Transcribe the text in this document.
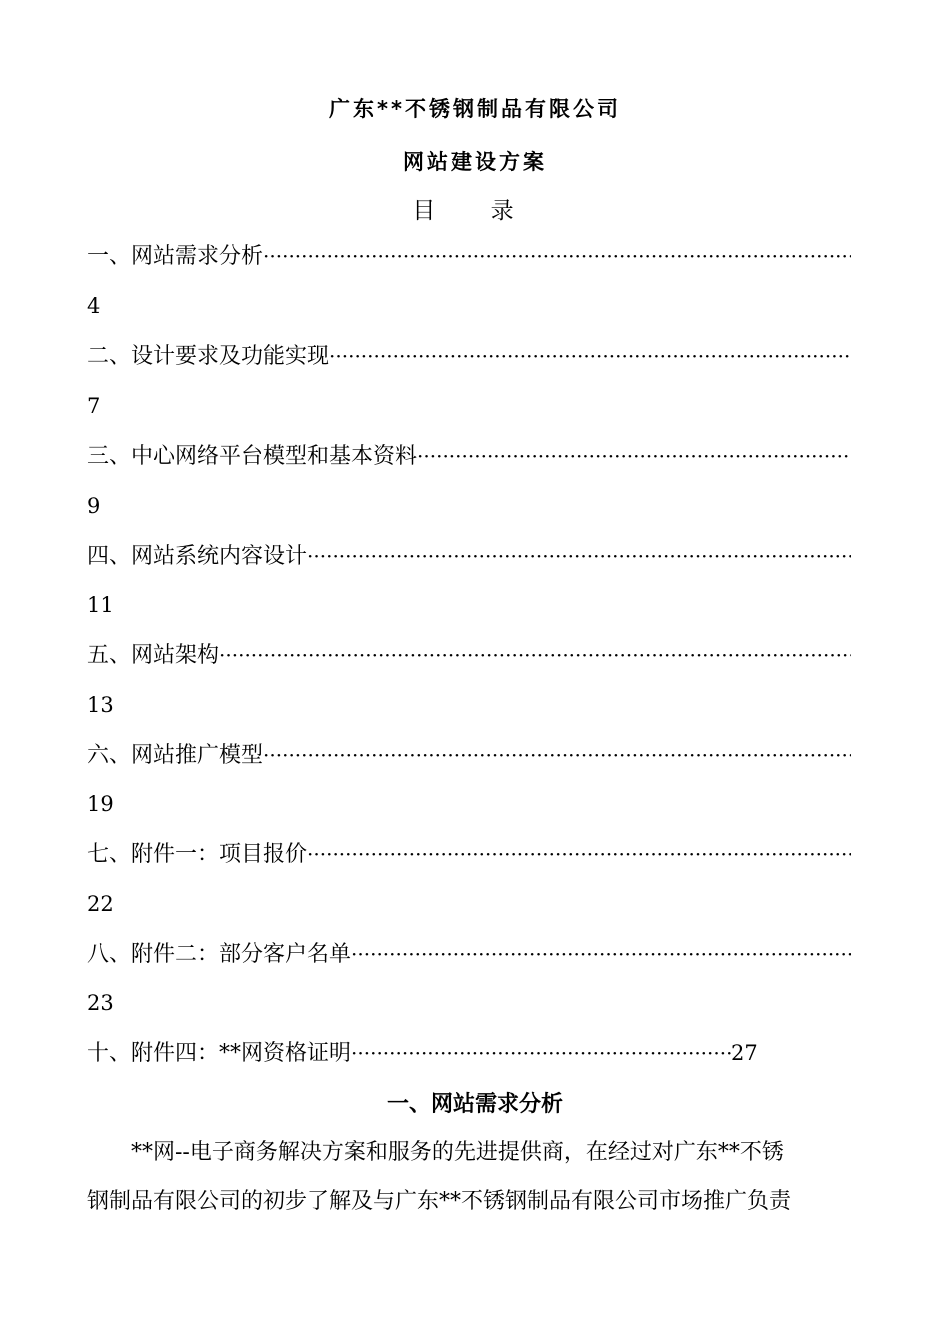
广东**不锈钢制品有限公司
网站建设方案
目 录
一、网站需求分析
·····
4
二、设计要求及功能实现
·····
7
三、中心网络平台模型和基本资料
·····
9
四、网站系统内容设计
·····
11
五、网站架构
·····
13
六、网站推广模型
·····
19
七、附件一：项目报价
·····
22
八、附件二：部分客户名单
·····
23
十、附件四：**网资格证明
·····	27
一、网站需求分析
**网--电子商务解决方案和服务的先进提供商，在经过对广东**不锈
钢制品有限公司的初步了解及与广东**不锈钢制品有限公司市场推广负责
